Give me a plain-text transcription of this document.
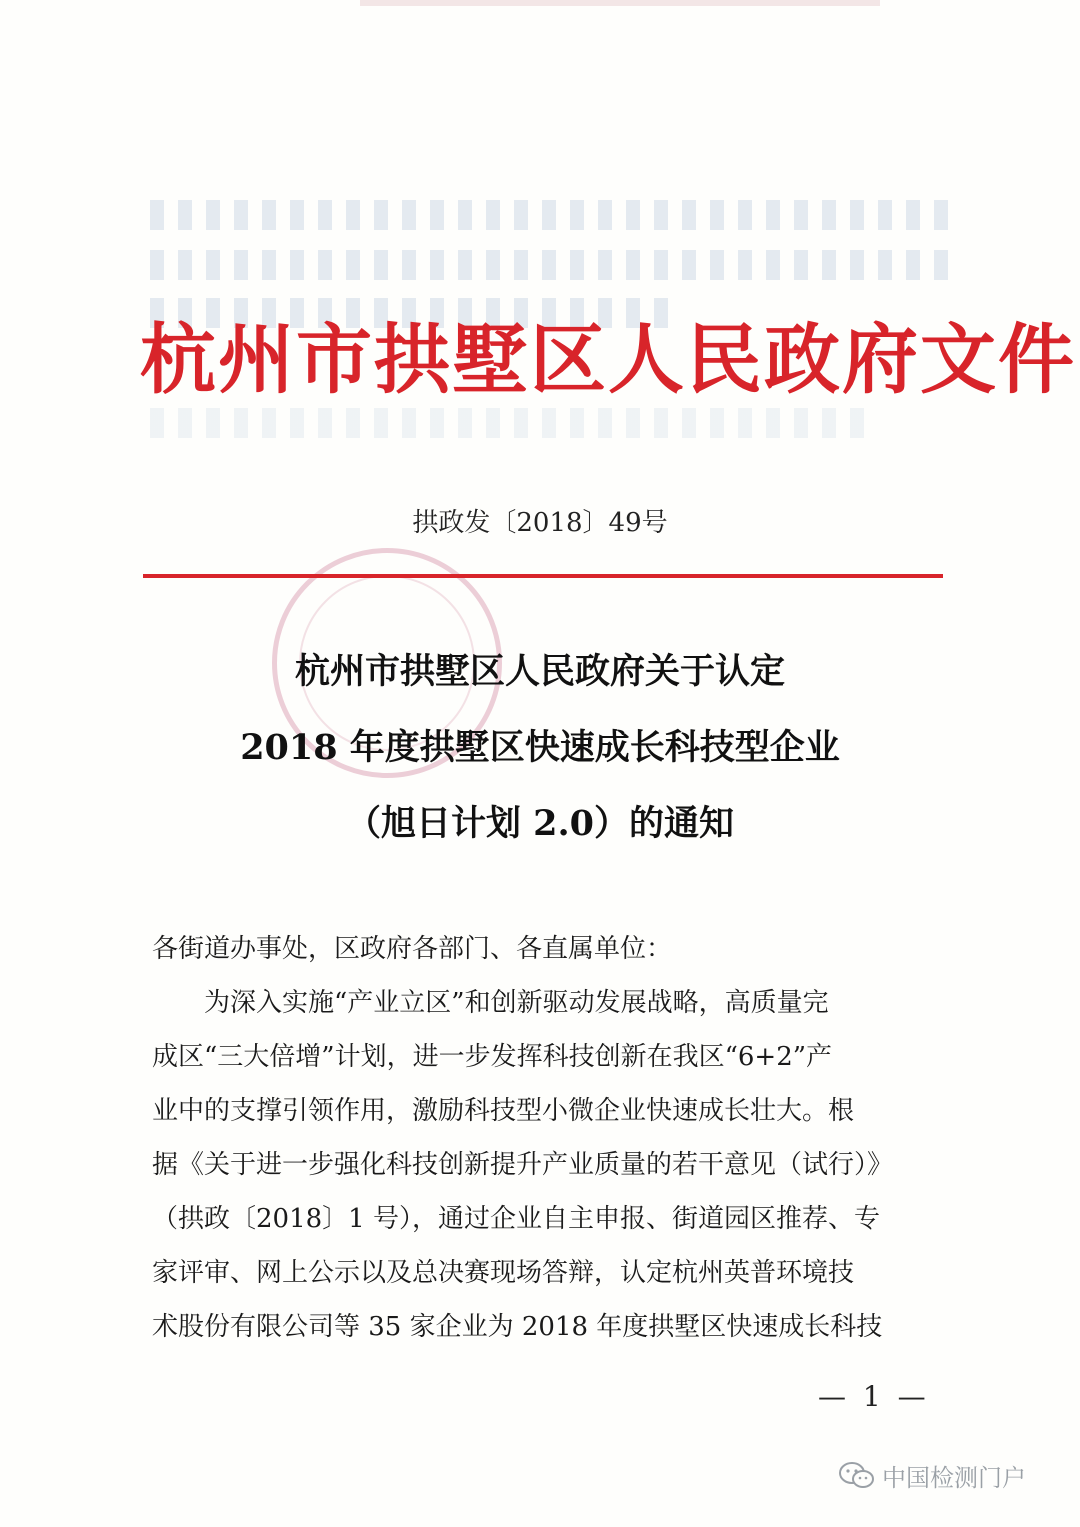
杭州市拱墅区人民政府文件
拱政发〔2018〕49号
杭州市拱墅区人民政府关于认定
2018 年度拱墅区快速成长科技型企业
（旭日计划 2.0）的通知
各街道办事处，区政府各部门、各直属单位：
为深入实施“产业立区”和创新驱动发展战略，高质量完
成区“三大倍增”计划，进一步发挥科技创新在我区“6+2”产
业中的支撑引领作用，激励科技型小微企业快速成长壮大。根
据《关于进一步强化科技创新提升产业质量的若干意见（试行）》
（拱政〔2018〕1 号），通过企业自主申报、街道园区推荐、专
家评审、网上公示以及总决赛现场答辩，认定杭州英普环境技
术股份有限公司等 35 家企业为 2018 年度拱墅区快速成长科技
— 1 —
中国检测门户
